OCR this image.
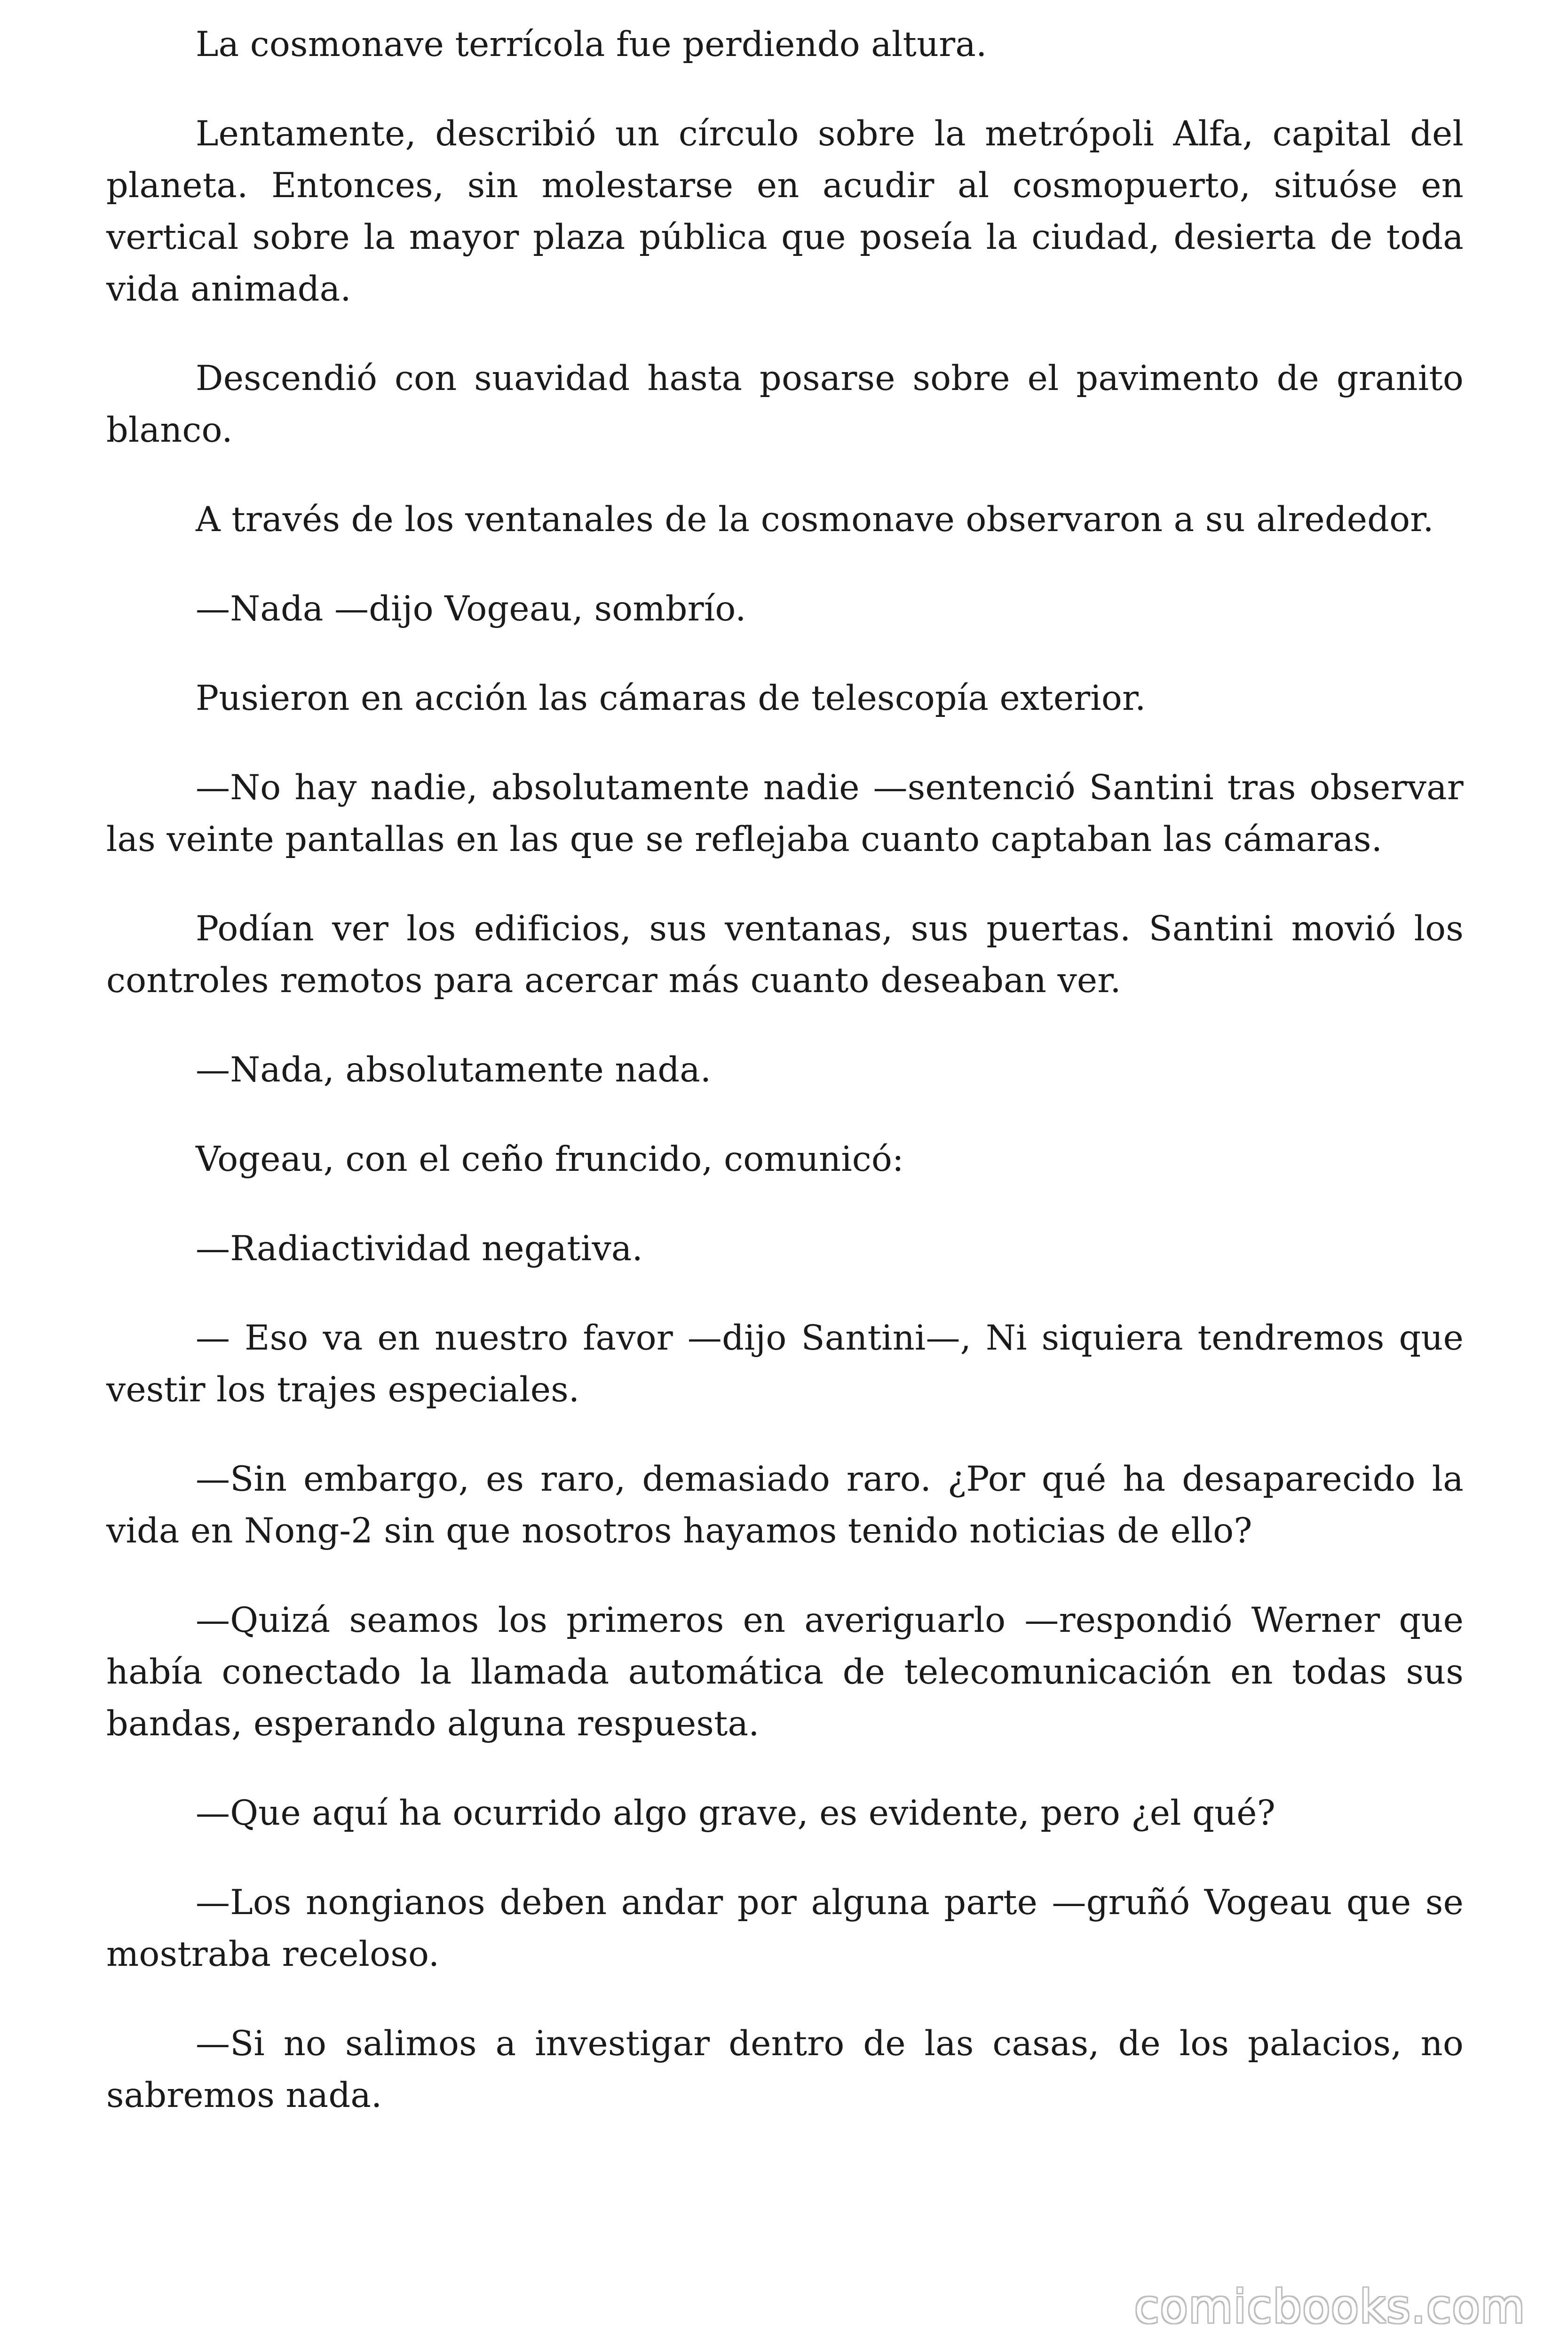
La cosmonave terrícola fue perdiendo altura.

Lentamente, describió un círculo sobre la metrópoli Alfa, capital del planeta. Entonces, sin molestarse en acudir al cosmopuerto, situóse en vertical sobre la mayor plaza pública que poseía la ciudad, desierta de toda vida animada.

Descendió con suavidad hasta posarse sobre el pavimento de granito blanco.

A través de los ventanales de la cosmonave observaron a su alrededor.

—Nada —dijo Vogeau, sombrío.

Pusieron en acción las cámaras de telescopía exterior.

—No hay nadie, absolutamente nadie —sentenció Santini tras observar las veinte pantallas en las que se reflejaba cuanto captaban las cámaras.

Podían ver los edificios, sus ventanas, sus puertas. Santini movió los controles remotos para acercar más cuanto deseaban ver.

—Nada, absolutamente nada.

Vogeau, con el ceño fruncido, comunicó:

—Radiactividad negativa.

— Eso va en nuestro favor —dijo Santini—, Ni siquiera tendremos que vestir los trajes especiales.

—Sin embargo, es raro, demasiado raro. ¿Por qué ha desaparecido la vida en Nong-2 sin que nosotros hayamos tenido noticias de ello?

—Quizá seamos los primeros en averiguarlo —respondió Werner que había conectado la llamada automática de telecomunicación en todas sus bandas, esperando alguna respuesta.

—Que aquí ha ocurrido algo grave, es evidente, pero ¿el qué?

—Los nongianos deben andar por alguna parte —gruñó Vogeau que se mostraba receloso.

—Si no salimos a investigar dentro de las casas, de los palacios, no sabremos nada.

comicbooks.com
